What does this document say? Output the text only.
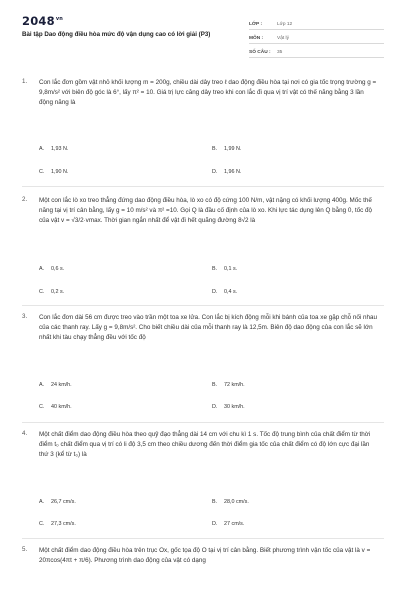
$2048^{vn}$
Bài tập Dao động điều hòa mức độ vận dụng cao có lời giải (P3)
LỚP :	Lớp 12
MÔN :	Vật lý
SỐ CÂU :	35
1. Con lắc đơn gồm vật nhỏ khối lượng m = 200g, chiều dài dây treo ℓ dao động điều hòa tại nơi có gia tốc trọng trường g = 9,8m/s² với biên độ góc là 6°, lấy π² = 10. Giá trị lực căng dây treo khi con lắc đi qua vị trí vật có thế năng bằng 3 lần động năng là
A. 1,93 N.	B. 1,99 N.
C. 1,90 N.	D. 1,96 N.
2. Một con lắc lò xo treo thẳng đứng dao động điều hòa, lò xo có độ cứng 100 N/m, vật nặng có khối lượng 400g. Mốc thế năng tại vị trí cân bằng, lấy g = 10 m/s² và π² =10. Gọi Q là đầu cố định của lò xo. Khi lực tác dụng lên Q bằng 0, tốc độ của vật v = √3/2·vmax. Thời gian ngắn nhất để vật đi hết quãng đường 8√2 là
A. 0,6 s.	B. 0,1 s.
C. 0,2 s.	D. 0,4 s.
3. Con lắc đơn dài 56 cm được treo vào trần một toa xe lửa. Con lắc bị kích động mỗi khi bánh của toa xe gặp chỗ nối nhau của các thanh ray. Lấy g = 9,8m/s². Cho biết chiều dài của mỗi thanh ray là 12,5m. Biên độ dao động của con lắc sẽ lớn nhất khi tàu chạy thẳng đều với tốc độ
A. 24 km/h.	B. 72 km/h.
C. 40 km/h.	D. 30 km/h.
4. Một chất điểm dao động điều hòa theo quỹ đạo thẳng dài 14 cm với chu kì 1 s. Tốc độ trung bình của chất điểm từ thời điểm t₀ chất điểm qua vị trí có li độ 3,5 cm theo chiều dương đến thời điểm gia tốc của chất điểm có độ lớn cực đại lần thứ 3 (kể từ t₀) là
A. 26,7 cm/s.	B. 28,0 cm/s.
C. 27,3 cm/s.	D. 27 cm/s.
5. Một chất điểm dao động điều hòa trên trục Ox, gốc tọa độ O tại vị trí cân bằng. Biết phương trình vận tốc của vật là v = 20πcos(4πt + π/6). Phương trình dao động của vật có dạng
